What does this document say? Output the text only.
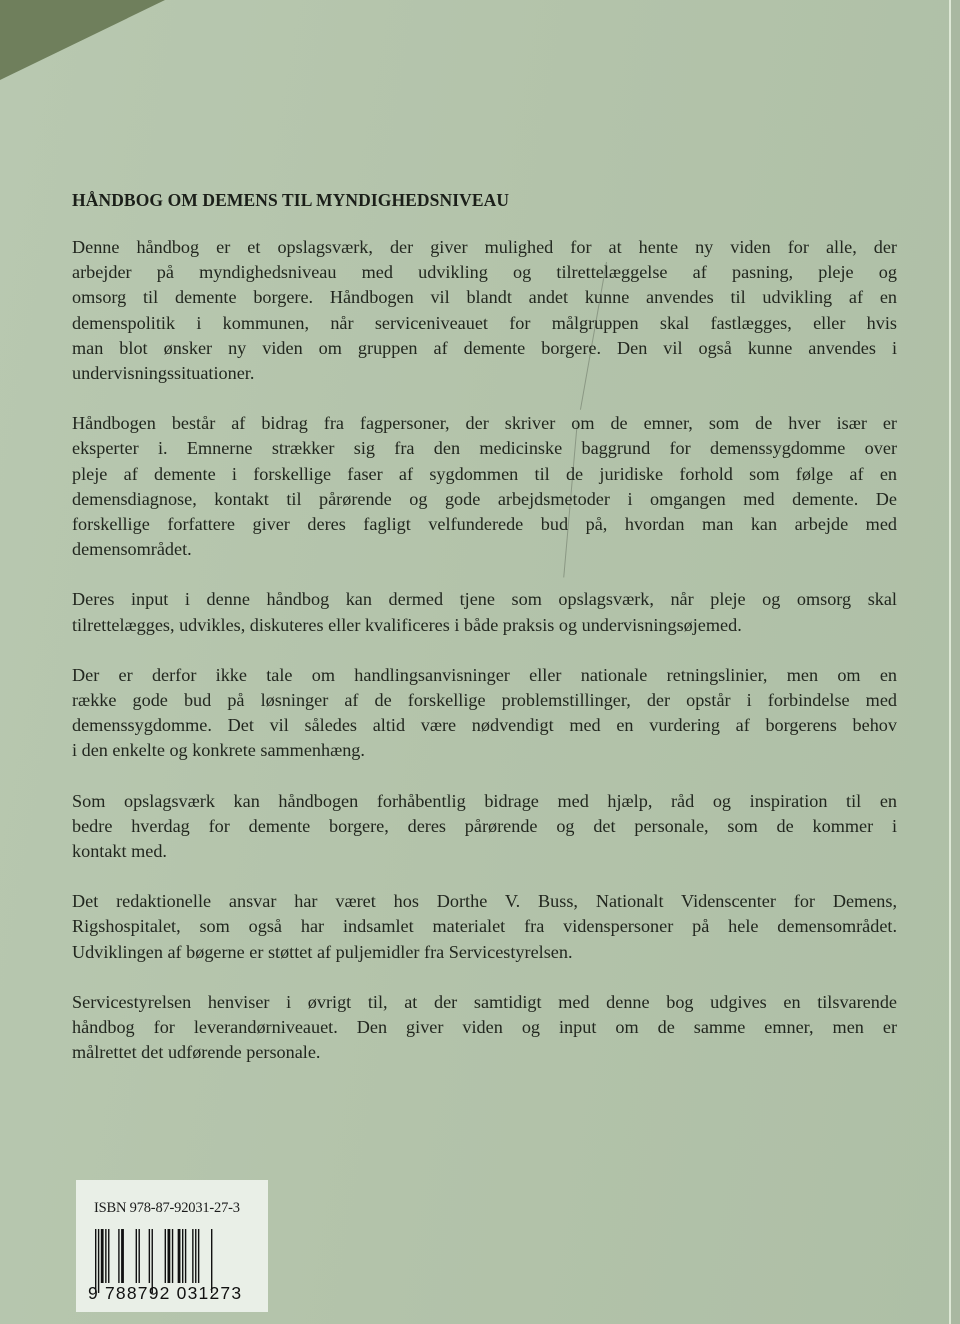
HÅNDBOG OM DEMENS TIL MYNDIGHEDSNIVEAU
Denne håndbog er et opslagsværk, der giver mulighed for at hente ny viden for alle, der
arbejder på myndighedsniveau med udvikling og tilrettelæggelse af pasning, pleje og
omsorg til demente borgere. Håndbogen vil blandt andet kunne anvendes til udvikling af en
demenspolitik i kommunen, når serviceniveauet for målgruppen skal fastlægges, eller hvis
man blot ønsker ny viden om gruppen af demente borgere. Den vil også kunne anvendes i
undervisningssituationer.
Håndbogen består af bidrag fra fagpersoner, der skriver om de emner, som de hver især er
eksperter i. Emnerne strækker sig fra den medicinske baggrund for demenssygdomme over
pleje af demente i forskellige faser af sygdommen til de juridiske forhold som følge af en
demensdiagnose, kontakt til pårørende og gode arbejdsmetoder i omgangen med demente. De
forskellige forfattere giver deres fagligt velfunderede bud på, hvordan man kan arbejde med
demensområdet.
Deres input i denne håndbog kan dermed tjene som opslagsværk, når pleje og omsorg skal
tilrettelægges, udvikles, diskuteres eller kvalificeres i både praksis og undervisningsøjemed.
Der er derfor ikke tale om handlingsanvisninger eller nationale retningslinier, men om en
række gode bud på løsninger af de forskellige problemstillinger, der opstår i forbindelse med
demenssygdomme. Det vil således altid være nødvendigt med en vurdering af borgerens behov
i den enkelte og konkrete sammenhæng.
Som opslagsværk kan håndbogen forhåbentlig bidrage med hjælp, råd og inspiration til en
bedre hverdag for demente borgere, deres pårørende og det personale, som de kommer i
kontakt med.
Det redaktionelle ansvar har været hos Dorthe V. Buss, Nationalt Videnscenter for Demens,
Rigshospitalet, som også har indsamlet materialet fra videnspersoner på hele demensområdet.
Udviklingen af bøgerne er støttet af puljemidler fra Servicestyrelsen.
Servicestyrelsen henviser i øvrigt til, at der samtidigt med denne bog udgives en tilsvarende
håndbog for leverandørniveauet. Den giver viden og input om de samme emner, men er
målrettet det udførende personale.
ISBN 978-87-92031-27-3
9 788792 031273
